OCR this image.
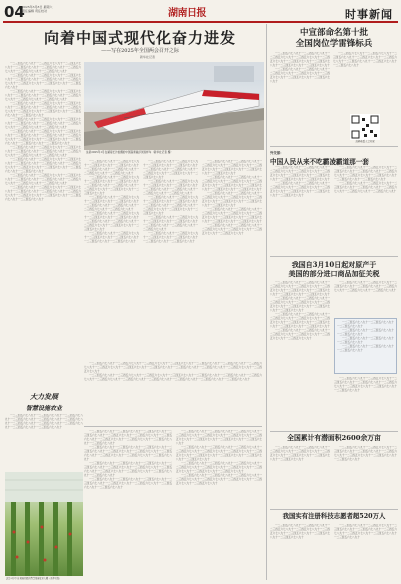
04
2025年3月8日 星期六
责任编辑 责任校对	湖南日报	时事新闻
向着中国式现代化奋力进发
——写在2025年全国两会召开之际
新华社记者

一二三四五六七八九十一二三四五六七八九十一二三四五六七八九十一二三四五六七八九十一二三四五六七八九十一二三四五六七八九十一二三四五六七八九十一二三四五六七八九十

一二三四五六七八九十一二三四五六七八九十一二三四五六七八九十一二三四五六七八九十一二三四五六七八九十一二三四五六七八九十一二三四五六七八九十一二三四五六七八九十一二三四五六七八九十

一二三四五六七八九十一二三四五六七八九十一二三四五六七八九十一二三四五六七八九十一二三四五六七八九十一二三四五六七八九十一二三四五六七八九十一二三四五六七八九十

一二三四五六七八九十一二三四五六七八九十一二三四五六七八九十一二三四五六七八九十一二三四五六七八九十一二三四五六七八九十一二三四五六七八九十一二三四五六七八九十一二三四五六七八九十一二三四五六七八九十

一二三四五六七八九十一二三四五六七八九十一二三四五六七八九十一二三四五六七八九十一二三四五六七八九十一二三四五六七八九十一二三四五六七八九十一二三四五六七八九十

一二三四五六七八九十一二三四五六七八九十一二三四五六七八九十一二三四五六七八九十一二三四五六七八九十一二三四五六七八九十一二三四五六七八九十一二三四五六七八九十一二三四五六七八九十一二三四五六七八九十一二三四五六七八九十

一二三四五六七八九十一二三四五六七八九十一二三四五六七八九十一二三四五六七八九十一二三四五六七八九十一二三四五六七八九十一二三四五六七八九十一二三四五六七八九十

一二三四五六七八九十一二三四五六七八九十一二三四五六七八九十一二三四五六七八九十一二三四五六七八九十一二三四五六七八九十一二三四五六七八九十一二三四五六七八九十一二三四五六七八九十一二三四五六七八九十

一二三四五六七八九十一二三四五六七八九十一二三四五六七八九十一二三四五六七八九十一二三四五六七八九十一二三四五六七八九十一二三四五六七八九十一二三四五六七八九十

一二三四五六七八九十一二三四五六七八九十一二三四五六七八九十一二三四五六七八九十一二三四五六七八九十一二三四五六七八九十一二三四五六七八九十一二三四五六七八九十一二三四五六七八九十一二三四五六七八九十

这是2025年1月在湖南长沙拍摄的中国高速磁浮试验样车（新华社记者 摄）

一二三四五六七八九十一二三四五六七八九十一二三四五六七八九十一二三四五六七八九十一二三四五六七八九十一二三四五六七八九十一二三四五六七八九十一二三四五六七八九十

一二三四五六七八九十一二三四五六七八九十一二三四五六七八九十一二三四五六七八九十一二三四五六七八九十一二三四五六七八九十一二三四五六七八九十一二三四五六七八九十一二三四五六七八九十

一二三四五六七八九十一二三四五六七八九十一二三四五六七八九十一二三四五六七八九十一二三四五六七八九十一二三四五六七八九十一二三四五六七八九十一二三四五六七八九十

一二三四五六七八九十一二三四五六七八九十一二三四五六七八九十一二三四五六七八九十一二三四五六七八九十一二三四五六七八九十一二三四五六七八九十一二三四五六七八九十一二三四五六七八九十

一二三四五六七八九十一二三四五六七八九十一二三四五六七八九十一二三四五六七八九十一二三四五六七八九十一二三四五六七八九十

一二三四五六七八九十一二三四五六七八九十一二三四五六七八九十一二三四五六七八九十一二三四五六七八九十一二三四五六七八九十一二三四五六七八九十一二三四五六七八九十一二三四五六七八九十

一二三四五六七八九十一二三四五六七八九十一二三四五六七八九十一二三四五六七八九十一二三四五六七八九十一二三四五六七八九十一二三四五六七八九十一二三四五六七八九十

一二三四五六七八九十一二三四五六七八九十一二三四五六七八九十一二三四五六七八九十一二三四五六七八九十一二三四五六七八九十一二三四五六七八九十一二三四五六七八九十一二三四五六七八九十

一二三四五六七八九十一二三四五六七八九十一二三四五六七八九十一二三四五六七八九十一二三四五六七八九十一二三四五六七八九十一二三四五六七八九十

一二三四五六七八九十一二三四五六七八九十一二三四五六七八九十一二三四五六七八九十一二三四五六七八九十一二三四五六七八九十

一二三四五六七八九十一二三四五六七八九十一二三四五六七八九十一二三四五六七八九十一二三四五六七八九十一二三四五六七八九十一二三四五六七八九十一二三四五六七八九十

一二三四五六七八九十一二三四五六七八九十一二三四五六七八九十一二三四五六七八九十一二三四五六七八九十一二三四五六七八九十一二三四五六七八九十一二三四五六七八九十一二三四五六七八九十

一二三四五六七八九十一二三四五六七八九十一二三四五六七八九十一二三四五六七八九十一二三四五六七八九十一二三四五六七八九十一二三四五六七八九十一二三四五六七八九十

一二三四五六七八九十一二三四五六七八九十一二三四五六七八九十一二三四五六七八九十一二三四五六七八九十一二三四五六七八九十一二三四五六七八九十一二三四五六七八九十一二三四五六七八九十

一二三四五六七八九十一二三四五六七八九十一二三四五六七八九十一二三四五六七八九十一二三四五六七八九十一二三四五六七八九十

一二三四五六七八九十一二三四五六七八九十一二三四五六七八九十一二三四五六七八九十一二三四五六七八九十一二三四五六七八九十一二三四五六七八九十一二三四五六七八九十一二三四五六七八九十一二三四五六七八九十一二三四五六七八九十一二三四五六七八九十一二三四五六七八九十一二三四五六七八九十

一二三四五六七八九十一二三四五六七八九十一二三四五六七八九十一二三四五六七八九十一二三四五六七八九十一二三四五六七八九十一二三四五六七八九十一二三四五六七八九十一二三四五六七八九十一二三四五六七八九十一二三四五六七八九十一二三四五六七八九十一二三四五六七八九十

大力发展
智慧设施农业

一二三四五六七八九十一二三四五六七八九十一二三四五六七八九十一二三四五六七八九十一二三四五六七八九十一二三四五六七八九十一二三四五六七八九十一二三四五六七八九十一二三四五六七八九十一二三四五六七八九十一二三四五六七八九十

这是3月7日在某地拍摄的智慧设施农业大棚（新华社发）
中宣部命名第十批
全国岗位学雷锋标兵

一二三四五六七八九十一二三四五六七八九十一二三四五六七八九十一二三四五六七八九十一二三四五六七八九十一二三四五六七八九十一二三四五六七八九十一二三四五六七八九十一二三四五六七八九十

一二三四五六七八九十一二三四五六七八九十一二三四五六七八九十一二三四五六七八九十一二三四五六七八九十一二三四五六七八九十一二三四五六七八九十

一二三四五六七八九十一二三四五六七八九十一二三四五六七八九十一二三四五六七八九十一二三四五六七八九十一二三四五六七八九十一二三四五六七八九十一二三四五六七八九十

扫码收看大会实况
外交部：
中国人民从来不吃霸凌霸道那一套

一二三四五六七八九十一二三四五六七八九十一二三四五六七八九十一二三四五六七八九十一二三四五六七八九十一二三四五六七八九十一二三四五六七八九十一二三四五六七八九十一二三四五六七八九十

一二三四五六七八九十一二三四五六七八九十一二三四五六七八九十一二三四五六七八九十一二三四五六七八九十一二三四五六七八九十一二三四五六七八九十一二三四五六七八九十

一二三四五六七八九十一二三四五六七八九十一二三四五六七八九十一二三四五六七八九十一二三四五六七八九十一二三四五六七八九十一二三四五六七八九十一二三四五六七八九十一二三四五六七八九十

一二三四五六七八九十一二三四五六七八九十一二三四五六七八九十一二三四五六七八九十一二三四五六七八九十一二三四五六七八九十一二三四五六七八九十

我国自3月10日起对原产于
美国的部分进口商品加征关税

一二三四五六七八九十一二三四五六七八九十一二三四五六七八九十一二三四五六七八九十一二三四五六七八九十一二三四五六七八九十一二三四五六七八九十一二三四五六七八九十一二三四五六七八九十

一二三四五六七八九十一二三四五六七八九十一二三四五六七八九十一二三四五六七八九十一二三四五六七八九十一二三四五六七八九十一二三四五六七八九十一二三四五六七八九十

一二三四五六七八九十一二三四五六七八九十一二三四五六七八九十一二三四五六七八九十一二三四五六七八九十一二三四五六七八九十一二三四五六七八九十一二三四五六七八九十一二三四五六七八九十

一二三四五六七八九十一二三四五六七八九十一二三四五六七八九十一二三四五六七八九十一二三四五六七八九十一二三四五六七八九十

一二三四五六七八九十一二三四五六七八九十一二三四五六七八九十一二三四五六七八九十一二三四五六七八九十一二三四五六七八九十一二三四五六七八九十

一二三四五六七八九十一二三四五六七八九十一二三四五六七八九十

一二三四五六七八九十一二三四五六七八九十一二三四五六七八九十

一二三四五六七八九十一二三四五六七八九十一二三四五六七八九十

一二三四五六七八九十一二三四五六七八九十一二三四五六七八九十

一二三四五六七八九十一二三四五六七八九十一二三四五六七八九十一二三四五六七八九十一二三四五六七八九十一二三四五六七八九十一二三四五六七八九十一二三四五六七八九十

一二三四五六七八九十一二三四五六七八九十一二三四五六七八九十一二三四五六七八九十一二三四五六七八九十一二三四五六七八九十一二三四五六七八九十一二三四五六七八九十一二三四五六七八九十一二三四五六七八九十一二三四五六七八九十

一二三四五六七八九十一二三四五六七八九十一二三四五六七八九十一二三四五六七八九十一二三四五六七八九十一二三四五六七八九十一二三四五六七八九十一二三四五六七八九十一二三四五六七八九十一二三四五六七八九十

一二三四五六七八九十一二三四五六七八九十一二三四五六七八九十一二三四五六七八九十一二三四五六七八九十一二三四五六七八九十一二三四五六七八九十一二三四五六七八九十一二三四五六七八九十一二三四五六七八九十一二三四五六七八九十

一二三四五六七八九十一二三四五六七八九十一二三四五六七八九十一二三四五六七八九十一二三四五六七八九十一二三四五六七八九十一二三四五六七八九十一二三四五六七八九十

一二三四五六七八九十一二三四五六七八九十一二三四五六七八九十一二三四五六七八九十一二三四五六七八九十一二三四五六七八九十一二三四五六七八九十一二三四五六七八九十一二三四五六七八九十一二三四五六七八九十

一二三四五六七八九十一二三四五六七八九十一二三四五六七八九十一二三四五六七八九十一二三四五六七八九十一二三四五六七八九十一二三四五六七八九十一二三四五六七八九十一二三四五六七八九十一二三四五六七八九十一二三四五六七八九十

一二三四五六七八九十一二三四五六七八九十一二三四五六七八九十一二三四五六七八九十一二三四五六七八九十一二三四五六七八九十一二三四五六七八九十一二三四五六七八九十一二三四五六七八九十

一二三四五六七八九十一二三四五六七八九十一二三四五六七八九十一二三四五六七八九十一二三四五六七八九十一二三四五六七八九十一二三四五六七八九十一二三四五六七八九十

全国累计有潜面积2600余万亩

一二三四五六七八九十一二三四五六七八九十一二三四五六七八九十一二三四五六七八九十一二三四五六七八九十一二三四五六七八九十一二三四五六七八九十一二三四五六七八九十

一二三四五六七八九十一二三四五六七八九十一二三四五六七八九十一二三四五六七八九十一二三四五六七八九十一二三四五六七八九十一二三四五六七八九十一二三四五六七八九十

我国实有注册科技志愿者超520万人

一二三四五六七八九十一二三四五六七八九十一二三四五六七八九十一二三四五六七八九十一二三四五六七八九十一二三四五六七八九十一二三四五六七八九十一二三四五六七八九十

一二三四五六七八九十一二三四五六七八九十一二三四五六七八九十一二三四五六七八九十一二三四五六七八九十一二三四五六七八九十一二三四五六七八九十一二三四五六七八九十
